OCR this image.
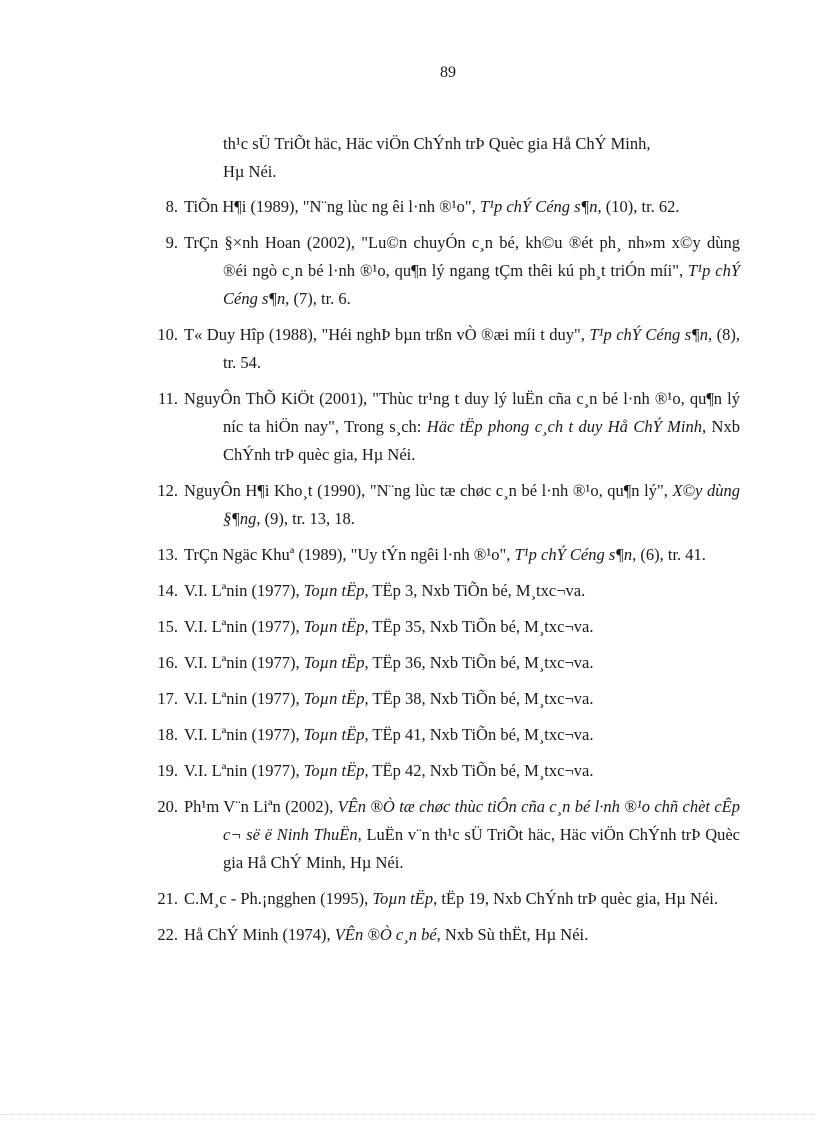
89
th¹c sÜ TriÕt häc, Häc viÖn ChÝnh trÞ Quèc gia Hå ChÝ Minh,
Hµ Néi.
8. TiÕn H¶i (1989), "N¨ng lùc ng êi l·nh ®¹o", T¹p chÝ Céng s¶n, (10), tr. 62.
9. TrÇn §×nh Hoan (2002), "Lu©n chuyÓn c¸n bé, kh©u ®ét ph¸ nh»m x©y dùng ®éi ngò c¸n bé l·nh ®¹o, qu¶n lý ngang tÇm thêi kú ph¸t triÓn míi", T¹p chÝ Céng s¶n, (7), tr. 6.
10. T« Duy Hîp (1988), "Héi nghÞ bµn trßn vÒ ®æi míi t duy", T¹p chÝ Céng s¶n, (8), tr. 54.
11. NguyÔn ThÕ KiÖt (2001), "Thùc tr¹ng t duy lý luËn cña c¸n bé l·nh ®¹o, qu¶n lý níc ta hiÖn nay", Trong s¸ch: Häc tËp phong c¸ch t duy Hå ChÝ Minh, Nxb ChÝnh trÞ quèc gia, Hµ Néi.
12. NguyÔn H¶i Kho¸t (1990), "N¨ng lùc tæ chøc c¸n bé l·nh ®¹o, qu¶n lý", X©y dùng §¶ng, (9), tr. 13, 18.
13. TrÇn Ngäc Khuª (1989), "Uy tÝn ngêi l·nh ®¹o", T¹p chÝ Céng s¶n, (6), tr. 41.
14. V.I. Lªnin (1977), Toµn tËp, TËp 3, Nxb TiÕn bé, M¸txc¬va.
15. V.I. Lªnin (1977), Toµn tËp, TËp 35, Nxb TiÕn bé, M¸txc¬va.
16. V.I. Lªnin (1977), Toµn tËp, TËp 36, Nxb TiÕn bé, M¸txc¬va.
17. V.I. Lªnin (1977), Toµn tËp, TËp 38, Nxb TiÕn bé, M¸txc¬va.
18. V.I. Lªnin (1977), Toµn tËp, TËp 41, Nxb TiÕn bé, M¸txc¬va.
19. V.I. Lªnin (1977), Toµn tËp, TËp 42, Nxb TiÕn bé, M¸txc¬va.
20. Ph¹m V¨n Liªn (2002), VÊn ®Ò tæ chøc thùc tiÔn cña c¸n bé l·nh ®¹o chñ chèt cÊp c¬ së ë Ninh ThuËn, LuËn v¨n th¹c sÜ TriÕt häc, Häc viÖn ChÝnh trÞ Quèc gia Hå ChÝ Minh, Hµ Néi.
21. C.M¸c - Ph.¡ngghen (1995), Toµn tËp, tËp 19, Nxb ChÝnh trÞ quèc gia, Hµ Néi.
22. Hå ChÝ Minh (1974), VÊn ®Ò c¸n bé, Nxb Sù thËt, Hµ Néi.
